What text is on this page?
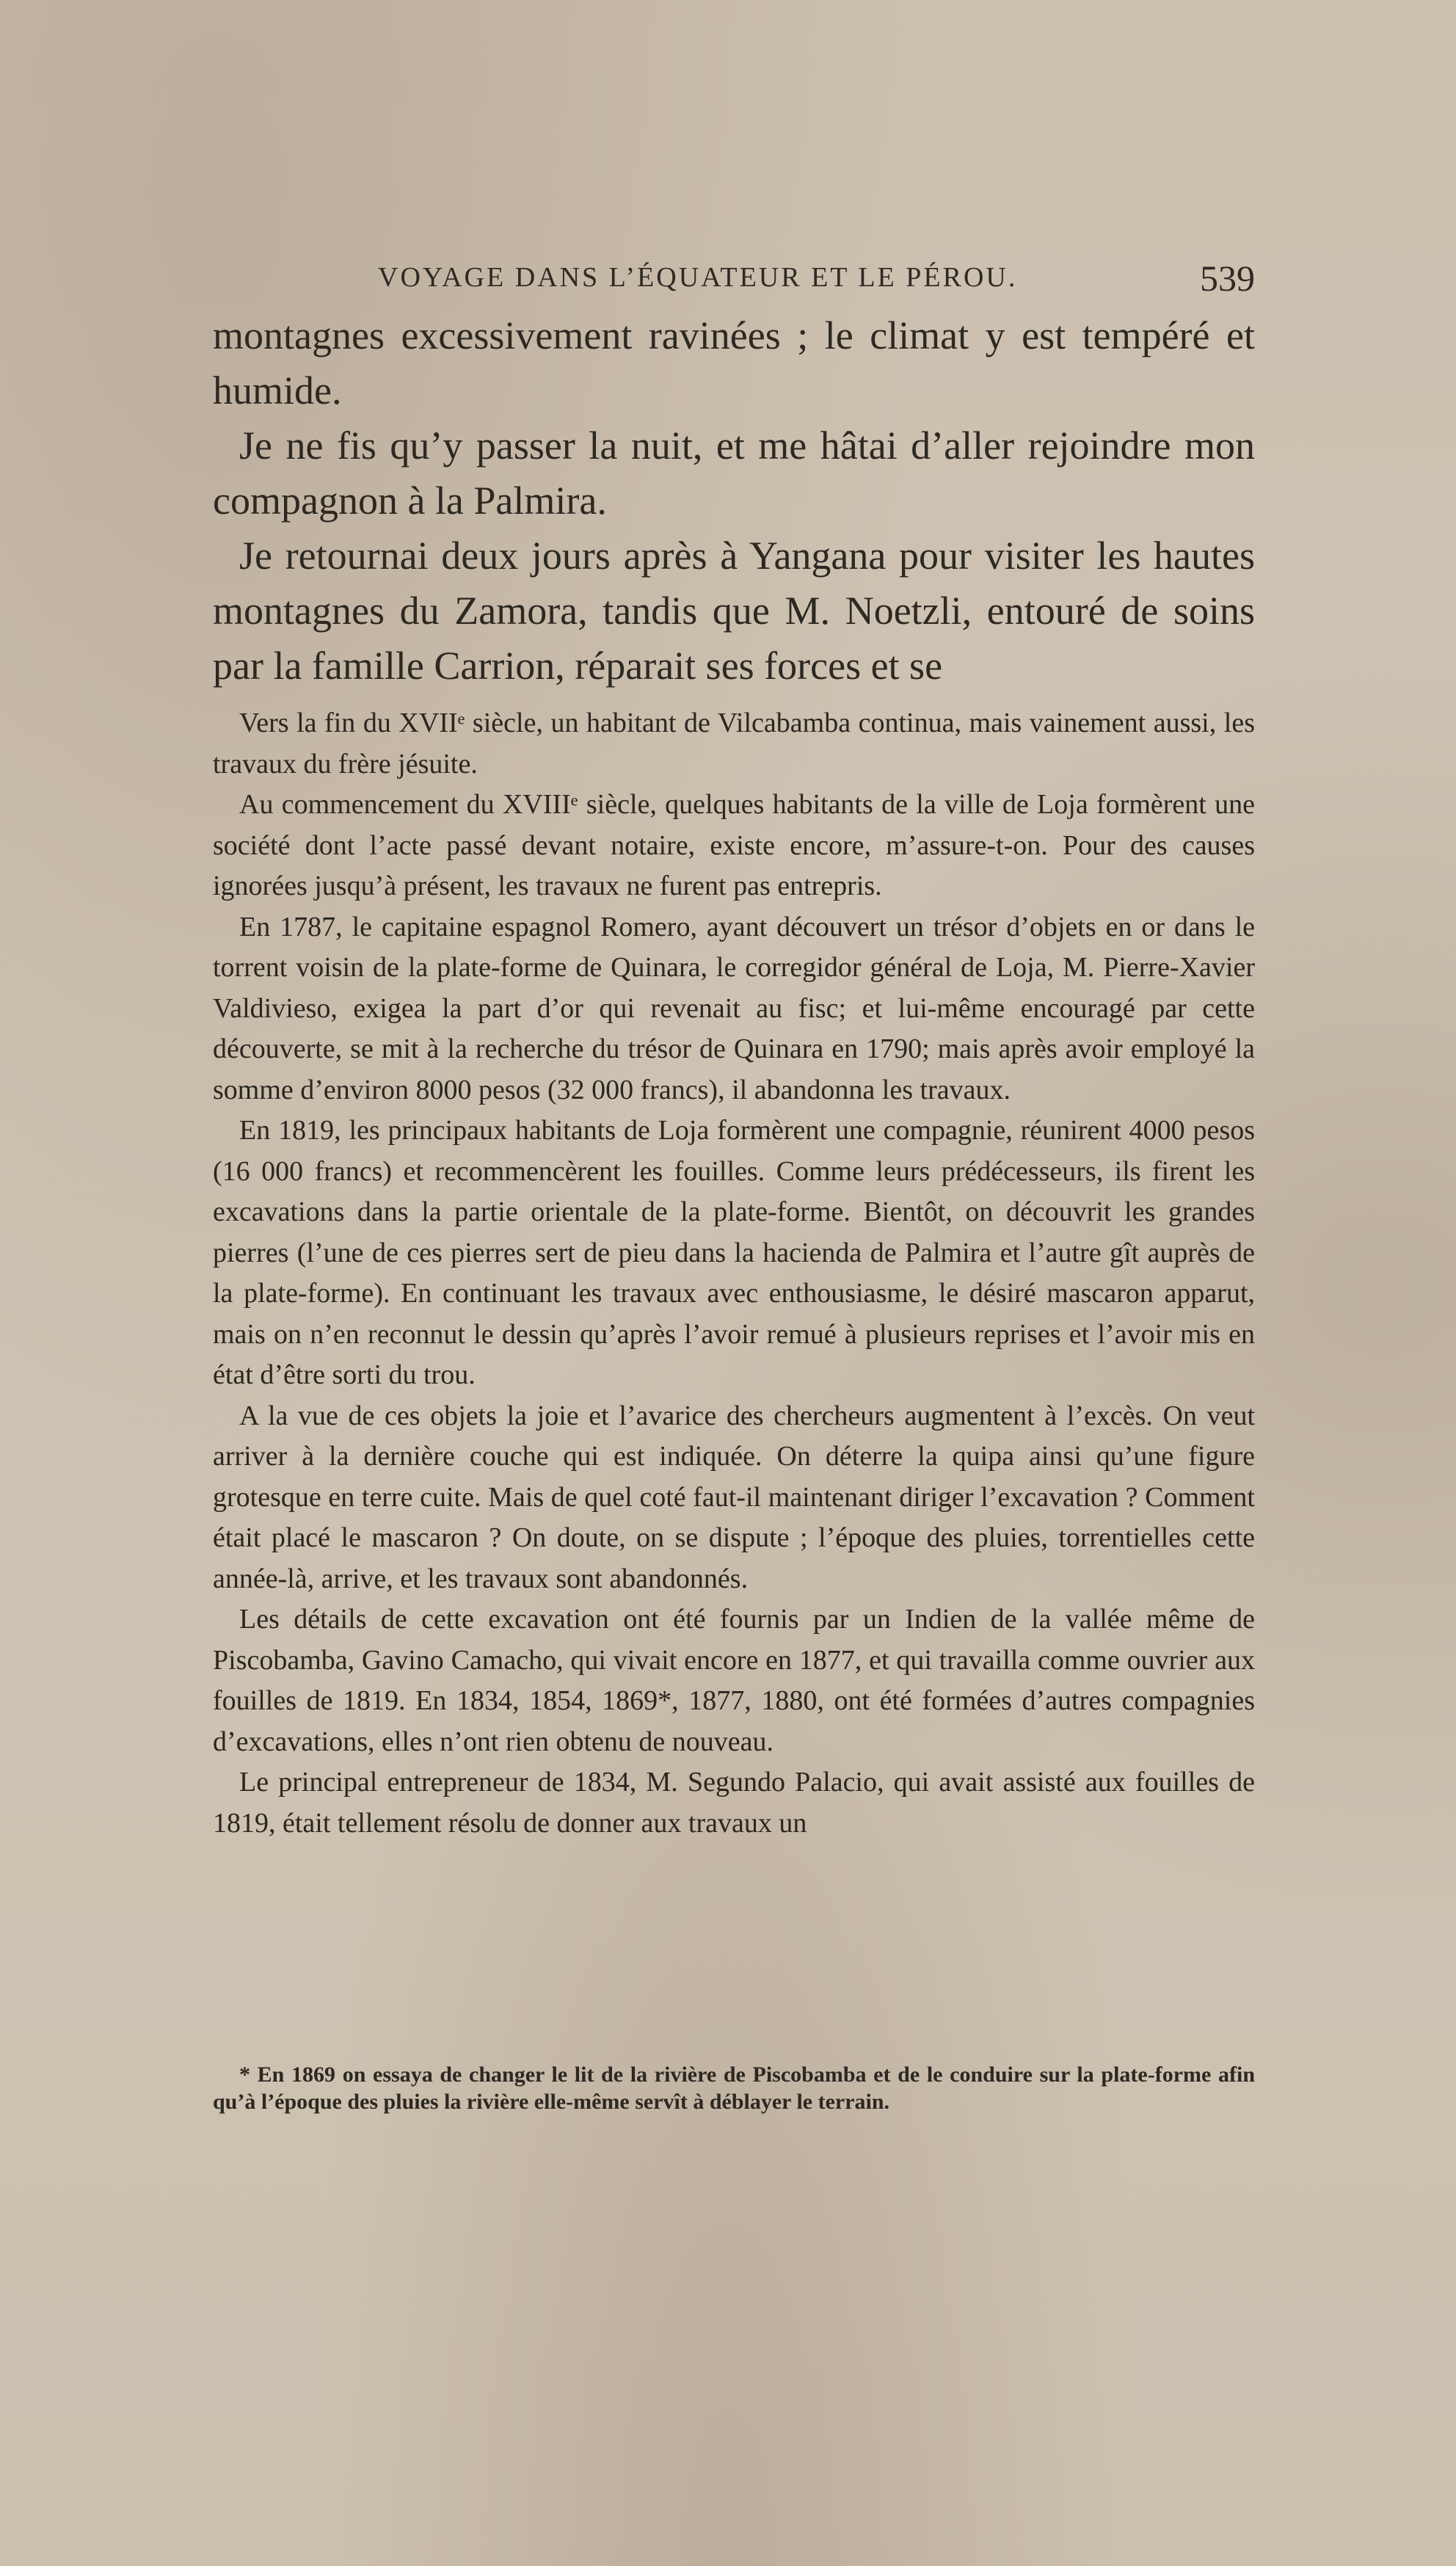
VOYAGE DANS L’ÉQUATEUR ET LE PÉROU.	539

montagnes excessivement ravinées ; le climat y est tempéré et humide.

Je ne fis qu’y passer la nuit, et me hâtai d’aller rejoindre mon compagnon à la Palmira.

Je retournai deux jours après à Yangana pour visiter les hautes montagnes du Zamora, tandis que M. Noetzli, entouré de soins par la famille Carrion, réparait ses forces et se

Vers la fin du XVIIᵉ siècle, un habitant de Vilcabamba continua, mais vainement aussi, les travaux du frère jésuite.

Au commencement du XVIIIᵉ siècle, quelques habitants de la ville de Loja formèrent une société dont l’acte passé devant notaire, existe encore, m’assure-t-on. Pour des causes ignorées jusqu’à présent, les travaux ne furent pas entrepris.

En 1787, le capitaine espagnol Romero, ayant découvert un trésor d’objets en or dans le torrent voisin de la plate-forme de Quinara, le corregidor général de Loja, M. Pierre-Xavier Valdivieso, exigea la part d’or qui revenait au fisc; et lui-même encouragé par cette découverte, se mit à la recherche du trésor de Quinara en 1790; mais après avoir employé la somme d’environ 8000 pesos (32 000 francs), il abandonna les travaux.

En 1819, les principaux habitants de Loja formèrent une compagnie, réunirent 4000 pesos (16 000 francs) et recommencèrent les fouilles. Comme leurs prédécesseurs, ils firent les excavations dans la partie orientale de la plate-forme. Bientôt, on découvrit les grandes pierres (l’une de ces pierres sert de pieu dans la hacienda de Palmira et l’autre gît auprès de la plate-forme). En continuant les travaux avec enthousiasme, le désiré mascaron apparut, mais on n’en reconnut le dessin qu’après l’avoir remué à plusieurs reprises et l’avoir mis en état d’être sorti du trou.

A la vue de ces objets la joie et l’avarice des chercheurs augmentent à l’excès. On veut arriver à la dernière couche qui est indiquée. On déterre la quipa ainsi qu’une figure grotesque en terre cuite. Mais de quel coté faut-il maintenant diriger l’excavation ? Comment était placé le mascaron ? On doute, on se dispute ; l’époque des pluies, torrentielles cette année-là, arrive, et les travaux sont abandonnés.

Les détails de cette excavation ont été fournis par un Indien de la vallée même de Piscobamba, Gavino Camacho, qui vivait encore en 1877, et qui travailla comme ouvrier aux fouilles de 1819. En 1834, 1854, 1869*, 1877, 1880, ont été formées d’autres compagnies d’excavations, elles n’ont rien obtenu de nouveau.

Le principal entrepreneur de 1834, M. Segundo Palacio, qui avait assisté aux fouilles de 1819, était tellement résolu de donner aux travaux un

* En 1869 on essaya de changer le lit de la rivière de Piscobamba et de le conduire sur la plate-forme afin qu’à l’époque des pluies la rivière elle-même servît à déblayer le terrain.
